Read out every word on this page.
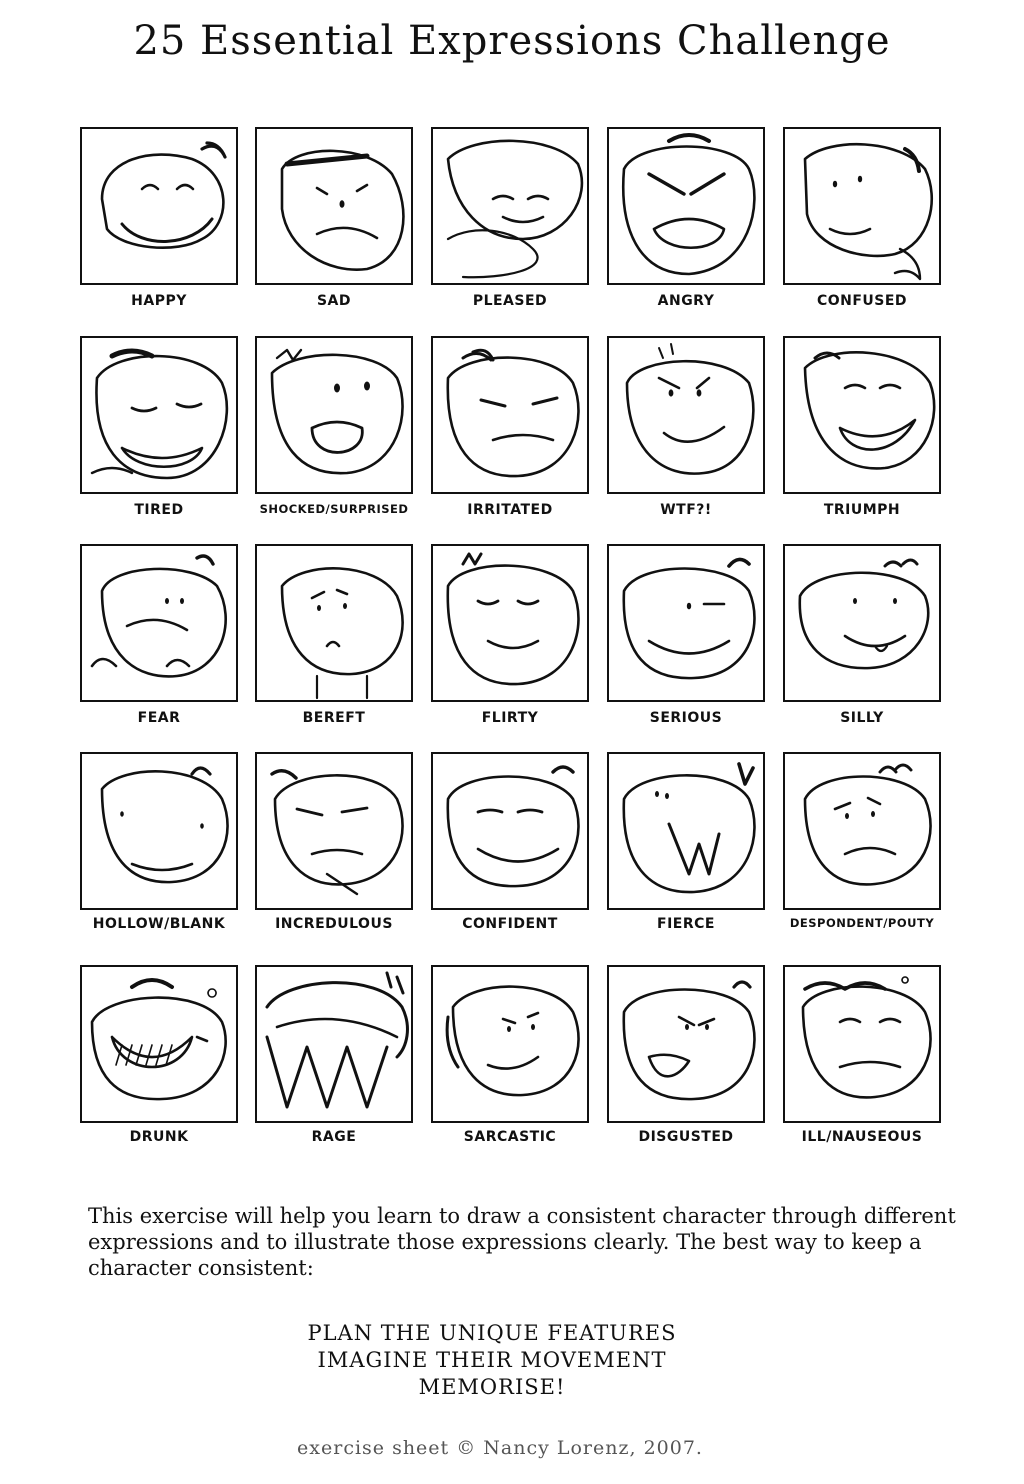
25 Essential Expressions Challenge
HAPPY	SAD	PLEASED	ANGRY	CONFUSED
TIRED	SHOCKED/SURPRISED	IRRITATED	WTF?!	TRIUMPH
FEAR	BEREFT	FLIRTY	SERIOUS	SILLY
HOLLOW/BLANK	INCREDULOUS	CONFIDENT	FIERCE	DESPONDENT/POUTY
DRUNK	RAGE	SARCASTIC	DISGUSTED	ILL/NAUSEOUS
This exercise will help you learn to draw a consistent character through different expressions and to illustrate those expressions clearly. The best way to keep a character consistent:
PLAN THE UNIQUE FEATURES
IMAGINE THEIR MOVEMENT
MEMORISE!
exercise sheet © Nancy Lorenz, 2007.
